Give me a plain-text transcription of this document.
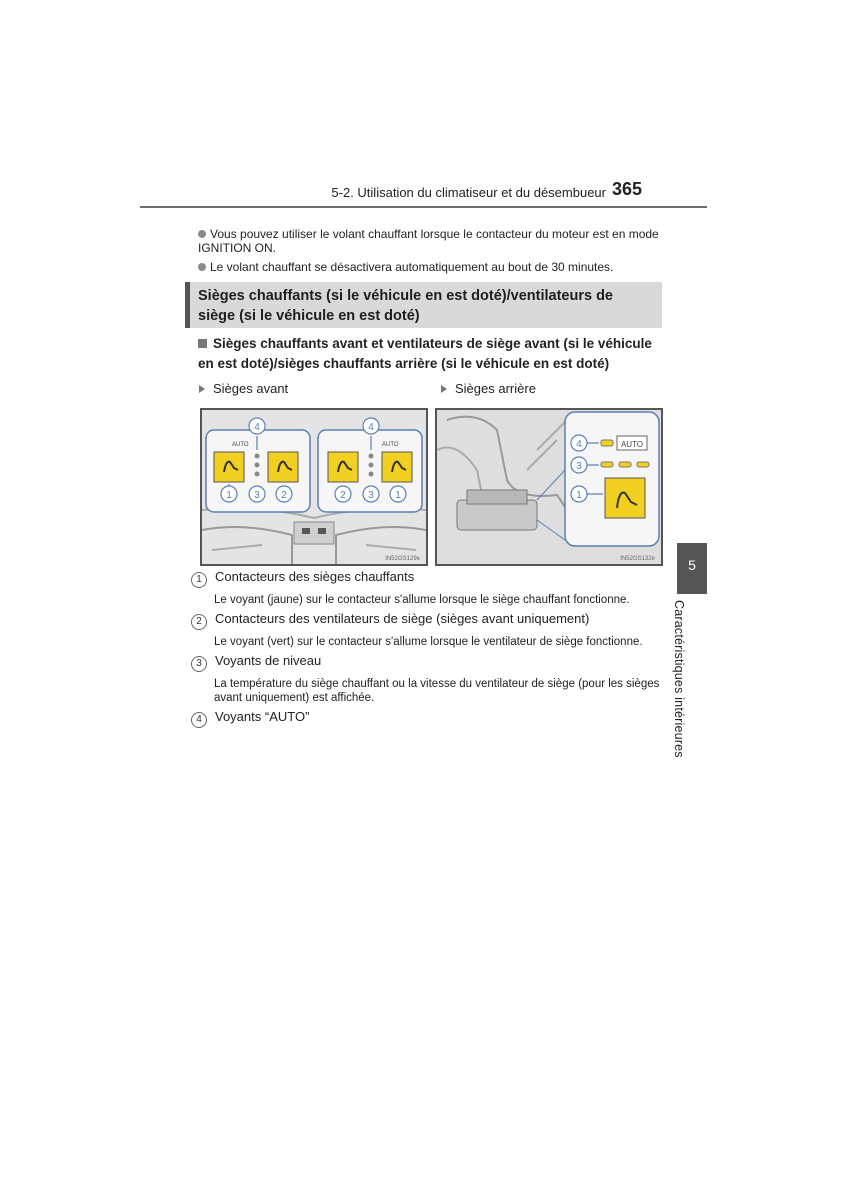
5-2. Utilisation du climatiseur et du désembueur 365
Vous pouvez utiliser le volant chauffant lorsque le contacteur du moteur est en mode IGNITION ON.
Le volant chauffant se désactivera automatiquement au bout de 30 minutes.
Sièges chauffants (si le véhicule en est doté)/ventilateurs de siège (si le véhicule en est doté)
Sièges chauffants avant et ventilateurs de siège avant (si le véhicule en est doté)/sièges chauffants arrière (si le véhicule en est doté)
Sièges avant	Sièges arrière
AUTO	AUTO
4	4
1 3 2	2 3 1
IN52GS129e
AUTO
4
3
1
IN52GS132e
1 Contacteurs des sièges chauffants
Le voyant (jaune) sur le contacteur s'allume lorsque le siège chauffant fonctionne.
2 Contacteurs des ventilateurs de siège (sièges avant uniquement)
Le voyant (vert) sur le contacteur s'allume lorsque le ventilateur de siège fonctionne.
3 Voyants de niveau
La température du siège chauffant ou la vitesse du ventilateur de siège (pour les sièges avant uniquement) est affichée.
4 Voyants “AUTO”
5
Caractéristiques intérieures
